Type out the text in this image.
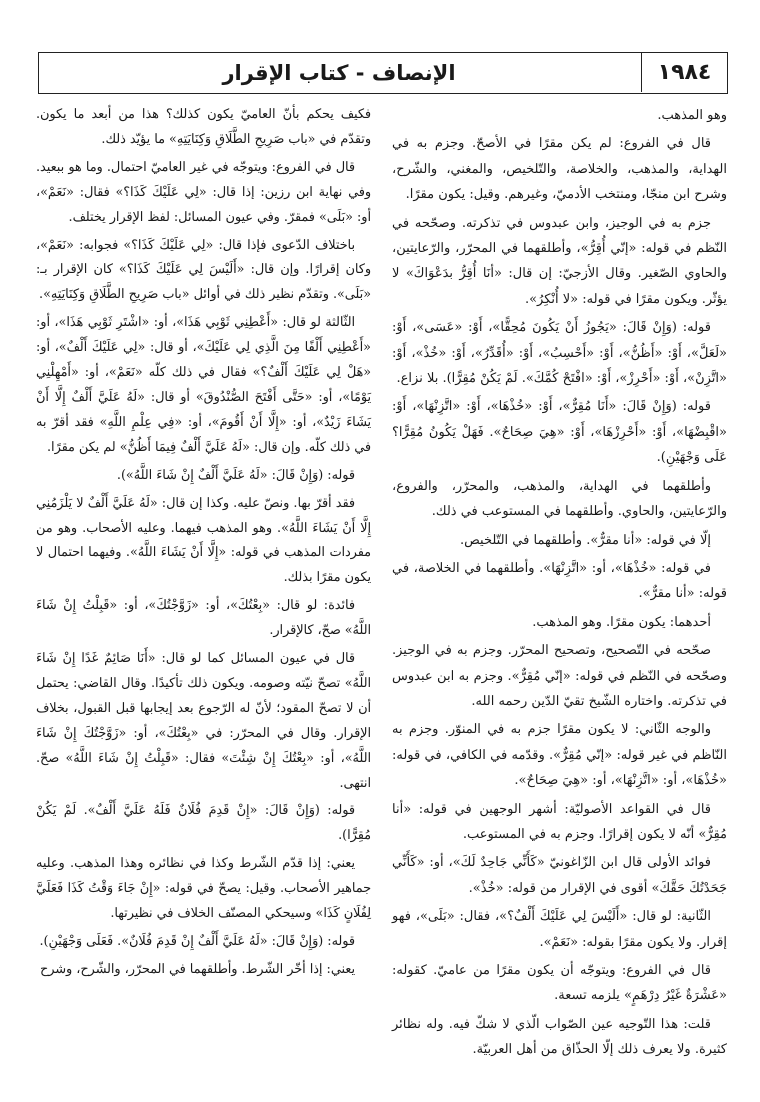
الإنصاف - كتاب الإقرار	١٩٨٤

وهو المذهب.

قال في الفروع: لم يكن مقرًا في الأصحّ. وجزم به في الهداية، والمذهب، والخلاصة، والتّلخيص، والمغني، والشّرح، وشرح ابن منجّا، ومنتخب الأدميّ، وغيرهم. وقيل: يكون مقرًا.

جزم به في الوجيز، وابن عبدوس في تذكرته. وصحّحه في النّظم في قوله: «إنّي أُقِرُّ»، وأطلقهما في المحرّر، والرّعايتين، والحاوي الصّغير. وقال الأزجيّ: إن قال: «أنَا أُقِرُّ بدَعْوَاكَ» لا يؤثّر. ويكون مقرًا في قوله: «لا أُنْكِرُ».

قوله: (وَإِنْ قَالَ: «يَجُوزُ أَنْ يَكُونَ مُحِقًّا»، أَوْ: «عَسَى»، أَوْ: «لَعَلَّ»، أَوْ: «أَظُنُّ»، أَوْ: «أَحْسِبُ»، أَوْ: «أُقَدِّرُ»، أَوْ: «خُذْ»، أَوْ: «اتَّزِنْ»، أَوْ: «أَحْرِزْ»، أَوْ: «افْتَحْ كُمَّكَ». لَمْ يَكُنْ مُقِرًّا). بلا نزاع.

قوله: (وَإِنْ قَالَ: «أَنَا مُقِرٌّ»، أَوْ: «خُذْهَا»، أَوْ: «اتَّزِنْهَا»، أَوْ: «اقْبِضْهَا»، أَوْ: «أَحْرِزْهَا»، أَوْ: «هِيَ صِحَاحٌ». فَهَلْ يَكُونُ مُقِرًّا؟ عَلَى وَجْهَيْنِ).

وأطلقهما في الهداية، والمذهب، والمحرّر، والفروع، والرّعايتين، والحاوي. وأطلقهما في المستوعب في ذلك.

إلّا في قوله: «أنا مقرٌّ». وأطلقهما في التّلخيص.

في قوله: «خُذْهَا»، أو: «اتَّزِنْهَا». وأطلقهما في الخلاصة، في قوله: «أنا مقرٌّ».

أحدهما: يكون مقرًا. وهو المذهب.

صحّحه في التّصحيح، وتصحيح المحرّر. وجزم به في الوجيز. وصحّحه في النّظم في قوله: «إنّي مُقِرٌّ». وجزم به ابن عبدوس في تذكرته. واختاره الشّيخ تقيّ الدّين رحمه الله.

والوجه الثّاني: لا يكون مقرًا جزم به في المنوّر. وجزم به النّاظم في غير قوله: «إنّي مُقِرٌّ». وقدّمه في الكافي، في قوله: «خُذْهَا»، أو: «اتَّزِنْهَا»، أو: «هِيَ صِحَاحٌ».

قال في القواعد الأصوليّة: أشهر الوجهين في قوله: «أنا مُقِرٌّ» أنّه لا يكون إقرارًا. وجزم به في المستوعب.

فوائد الأولى قال ابن الزّاغونيّ «كَأَنِّي جَاحِدٌ لَكَ»، أو: «كَأَنِّي جَحَدْتُكَ حَقَّكَ» أقوى في الإقرار من قوله: «خُذْ».

الثّانية: لو قال: «أَلَيْسَ لِي عَلَيْكَ أَلْفٌ؟»، فقال: «بَلَى»، فهو إقرار. ولا يكون مقرًا بقوله: «نَعَمْ».

قال في الفروع: ويتوجّه أن يكون مقرًا من عاميّ. كقوله: «عَشْرَةٌ غَيْرُ دِرْهَمٍ» يلزمه تسعة.

قلت: هذا التّوجيه عين الصّواب الّذي لا شكّ فيه. وله نظائر كثيرة. ولا يعرف ذلك إلّا الحذّاق من أهل العربيّة.

فكيف يحكم بأنّ العاميّ يكون كذلك؟ هذا من أبعد ما يكون. وتقدّم في «باب صَرِيحِ الطَّلَاقِ وَكِنَايَتِهِ» ما يؤيّد ذلك.

قال في الفروع: ويتوجّه في غير العاميّ احتمال. وما هو ببعيد. وفي نهاية ابن رزين: إذا قال: «لِي عَلَيْكَ كَذَا؟» فقال: «نَعَمْ»، أو: «بَلَى» فمقرّ. وفي عيون المسائل: لفظ الإقرار يختلف.

باختلاف الدّعوى فإذا قال: «لِي عَلَيْكَ كَذَا؟» فجوابه: «نَعَمْ»، وكان إقرارًا. وإن قال: «أَلَيْسَ لِي عَلَيْكَ كَذَا؟» كان الإقرار بـ: «بَلَى». وتقدّم نظير ذلك في أوائل «باب صَرِيحِ الطَّلَاقِ وَكِنَايَتِهِ».

الثّالثة لو قال: «أَعْطِنِي ثَوْبِي هَذَا»، أو: «اشْتَرِ ثَوْبِي هَذَا»، أو: «أَعْطِنِي أَلْفًا مِنَ الَّذِي لِي عَلَيْكَ»، أو قال: «لِي عَلَيْكَ أَلْفٌ»، أو: «هَلْ لِي عَلَيْكَ أَلْفٌ؟» فقال في ذلك كلّه «نَعَمْ»، أو: «أَمْهِلْنِي يَوْمًا»، أو: «حَتَّى أَفْتَحَ الصُّنْدُوقَ» أو قال: «لَهُ عَلَيَّ أَلْفٌ إِلَّا أَنْ يَشَاءَ زَيْدٌ»، أو: «إِلَّا أَنْ أَقُومَ»، أو: «فِي عِلْمِ اللَّهِ» فقد أقرّ به في ذلك كلّه. وإن قال: «لَهُ عَلَيَّ أَلْفٌ فِيمَا أَظُنُّ» لم يكن مقرًا.

قوله: (وَإِنْ قَالَ: «لَهُ عَلَيَّ أَلْفٌ إِنْ شَاءَ اللَّهُ»).

فقد أقرّ بها. ونصّ عليه. وكذا إن قال: «لَهُ عَلَيَّ أَلْفٌ لا يَلْزَمُنِي إِلَّا أَنْ يَشَاءَ اللَّهُ». وهو المذهب فيهما. وعليه الأصحاب. وهو من مفردات المذهب في قوله: «إِلَّا أَنْ يَشَاءَ اللَّهُ». وفيهما احتمال لا يكون مقرًا بذلك.

فائدة: لو قال: «بِعْتُكَ»، أو: «زَوَّجْتُكَ»، أو: «قَبِلْتُ إِنْ شَاءَ اللَّهُ» صحّ، كالإقرار.

قال في عيون المسائل كما لو قال: «أَنَا صَائِمٌ غَدًا إِنْ شَاءَ اللَّهُ» تصحّ نيّته وصومه. ويكون ذلك تأكيدًا. وقال القاضي: يحتمل أن لا تصحّ المقود؛ لأنّ له الرّجوع بعد إيجابها قبل القبول، بخلاف الإقرار. وقال في المحرّر: في «بِعْتُكَ»، أو: «زَوَّجْتُكَ إِنْ شَاءَ اللَّهُ»، أو: «بِعْتُكَ إِنْ شِئْتَ» فقال: «قَبِلْتُ إِنْ شَاءَ اللَّهُ» صحّ. انتهى.

قوله: (وَإِنْ قَالَ: «إِنْ قَدِمَ فُلَانٌ فَلَهُ عَلَيَّ أَلْفٌ». لَمْ يَكُنْ مُقِرًّا).

يعني: إذا قدّم الشّرط وكذا في نظائره وهذا المذهب. وعليه جماهير الأصحاب. وقيل: يصحّ في قوله: «إِنْ جَاءَ وَقْتُ كَذَا فَعَلَيَّ لِفُلَانٍ كَذَا» وسيحكي المصنّف الخلاف في نظيرتها.

قوله: (وَإِنْ قَالَ: «لَهُ عَلَيَّ أَلْفٌ إِنْ قَدِمَ فُلَانٌ». فَعَلَى وَجْهَيْنِ).

يعني: إذا أخّر الشّرط. وأطلقهما في المحرّر، والشّرح، وشرح
